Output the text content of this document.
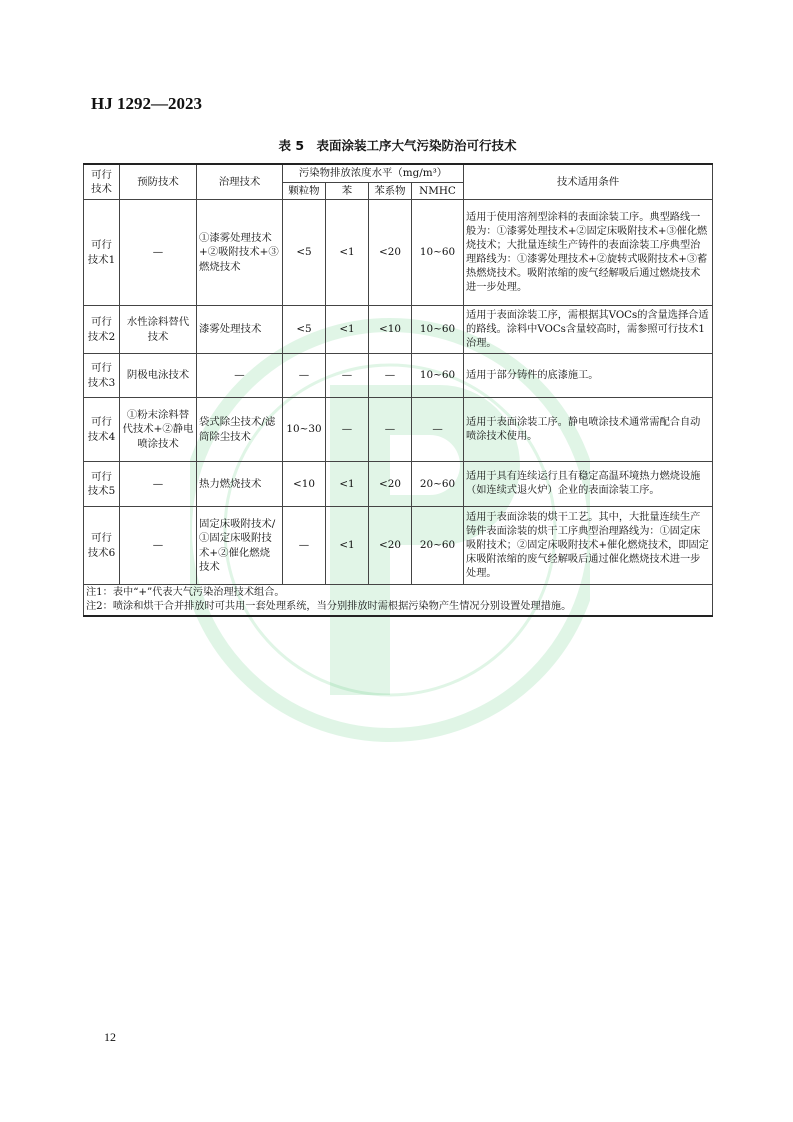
HJ 1292—2023
表 5　表面涂装工序大气污染防治可行技术
可行技术	预防技术	治理技术	污染物排放浓度水平（mg/m³）				技术适用条件
			颗粒物	苯	苯系物	NMHC	
可行技术1	—	①漆雾处理技术+②吸附技术+③燃烧技术	<5	<1	<20	10~60	适用于使用溶剂型涂料的表面涂装工序。典型路线一般为：①漆雾处理技术+②固定床吸附技术+③催化燃烧技术；大批量连续生产铸件的表面涂装工序典型治理路线为：①漆雾处理技术+②旋转式吸附技术+③蓄热燃烧技术。吸附浓缩的废气经解吸后通过燃烧技术进一步处理。
可行技术2	水性涂料替代技术	漆雾处理技术	<5	<1	<10	10~60	适用于表面涂装工序，需根据其VOCs的含量选择合适的路线。涂料中VOCs含量较高时，需参照可行技术1治理。
可行技术3	阴极电泳技术	—	—	—	—	10~60	适用于部分铸件的底漆施工。
可行技术4	①粉末涂料替代技术+②静电喷涂技术	袋式除尘技术/滤筒除尘技术	10~30	—	—	—	适用于表面涂装工序。静电喷涂技术通常需配合自动喷涂技术使用。
可行技术5	—	热力燃烧技术	<10	<1	<20	20~60	适用于具有连续运行且有稳定高温环境热力燃烧设施（如连续式退火炉）企业的表面涂装工序。
可行技术6	—	固定床吸附技术/①固定床吸附技术+②催化燃烧技术	—	<1	<20	20~60	适用于表面涂装的烘干工艺。其中，大批量连续生产铸件表面涂装的烘干工序典型治理路线为：①固定床吸附技术；②固定床吸附技术+催化燃烧技术，即固定床吸附浓缩的废气经解吸后通过催化燃烧技术进一步处理。

注1：表中“+”代表大气污染治理技术组合。
注2：喷涂和烘干合并排放时可共用一套处理系统，当分别排放时需根据污染物产生情况分别设置处理措施。							
12
